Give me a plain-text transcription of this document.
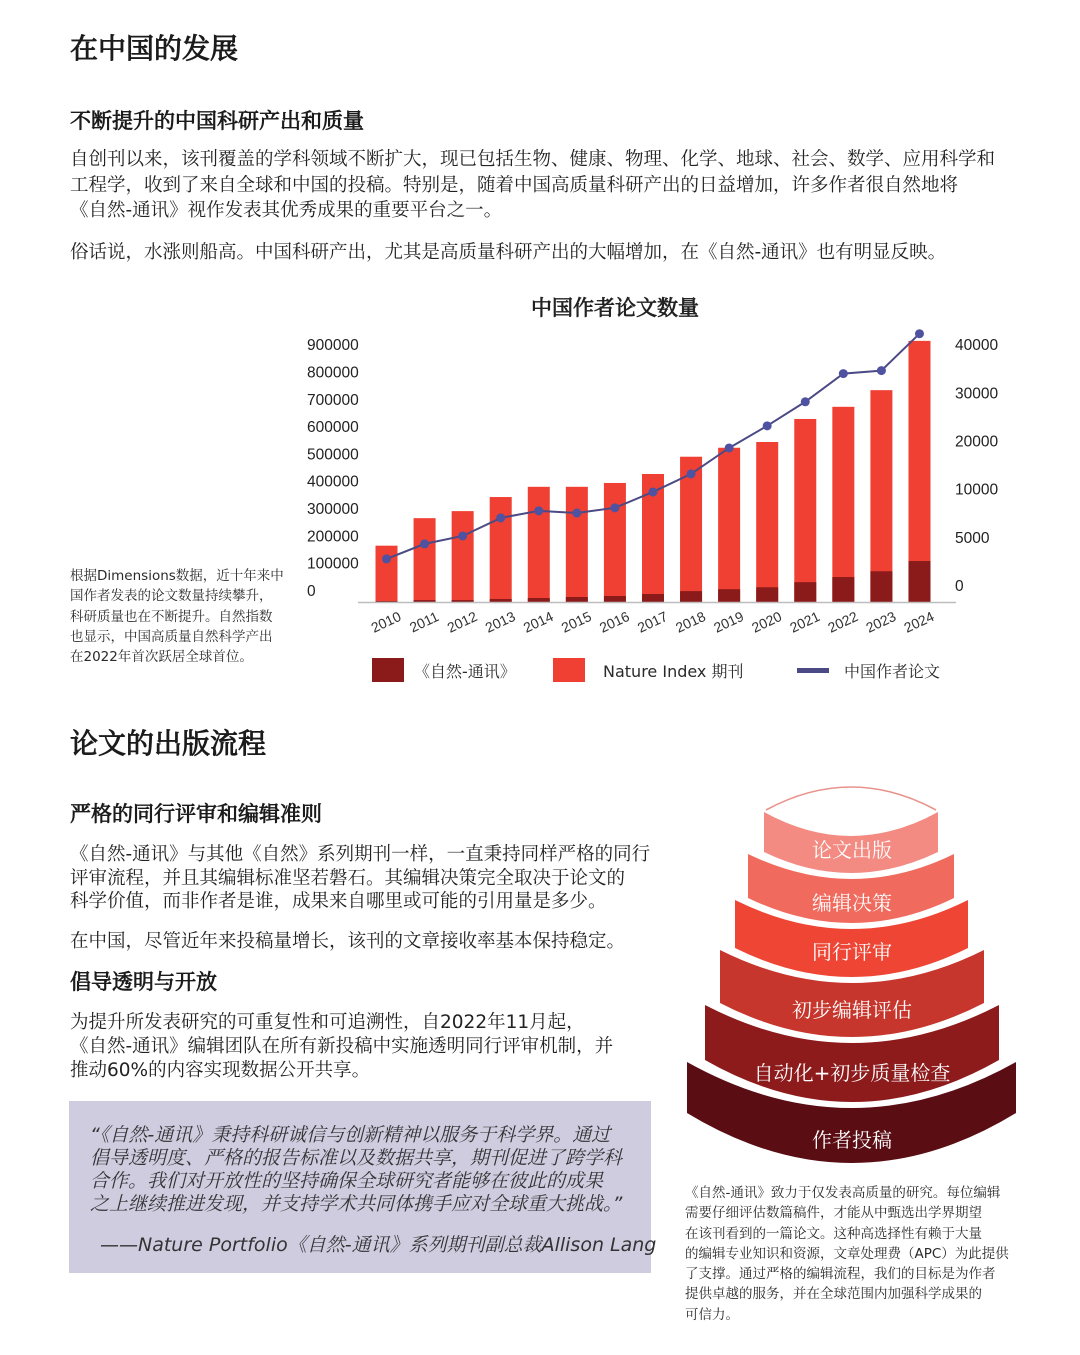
在中国的发展
不断提升的中国科研产出和质量
自创刊以来，该刊覆盖的学科领域不断扩大，现已包括生物、健康、物理、化学、地球、社会、数学、应用科学和
工程学，收到了来自全球和中国的投稿。特别是，随着中国高质量科研产出的日益增加，许多作者很自然地将
《自然-通讯》视作发表其优秀成果的重要平台之一。
俗话说，水涨则船高。中国科研产出，尤其是高质量科研产出的大幅增加，在《自然-通讯》也有明显反映。
中国作者论文数量
900000
800000
700000
600000
500000
400000
300000
200000
100000
0
40000
30000
20000
10000
5000
0
2010 2011 2012 2013 2014 2015 2016 2017 2018 2019 2020 2021 2022 2023 2024
根据Dimensions数据，近十年来中
国作者发表的论文数量持续攀升，
科研质量也在不断提升。自然指数
也显示，中国高质量自然科学产出
在2022年首次跃居全球首位。
《自然-通讯》	Nature Index 期刊	中国作者论文
论文的出版流程
严格的同行评审和编辑准则
《自然-通讯》与其他《自然》系列期刊一样，一直秉持同样严格的同行
评审流程，并且其编辑标准坚若磐石。其编辑决策完全取决于论文的
科学价值，而非作者是谁，成果来自哪里或可能的引用量是多少。
在中国，尽管近年来投稿量增长，该刊的文章接收率基本保持稳定。
倡导透明与开放
为提升所发表研究的可重复性和可追溯性，自2022年11月起，
《自然-通讯》编辑团队在所有新投稿中实施透明同行评审机制，并
推动60%的内容实现数据公开共享。
“《自然-通讯》秉持科研诚信与创新精神以服务于科学界。通过
倡导透明度、严格的报告标准以及数据共享，期刊促进了跨学科
合作。我们对开放性的坚持确保全球研究者能够在彼此的成果
之上继续推进发现，并支持学术共同体携手应对全球重大挑战。”
——Nature Portfolio《自然-通讯》系列期刊副总裁Allison Lang
论文出版
编辑决策
同行评审
初步编辑评估
自动化+初步质量检查
作者投稿
《自然-通讯》致力于仅发表高质量的研究。每位编辑
需要仔细评估数篇稿件，才能从中甄选出学界期望
在该刊看到的一篇论文。这种高选择性有赖于大量
的编辑专业知识和资源，文章处理费（APC）为此提供
了支撑。通过严格的编辑流程，我们的目标是为作者
提供卓越的服务，并在全球范围内加强科学成果的
可信力。
